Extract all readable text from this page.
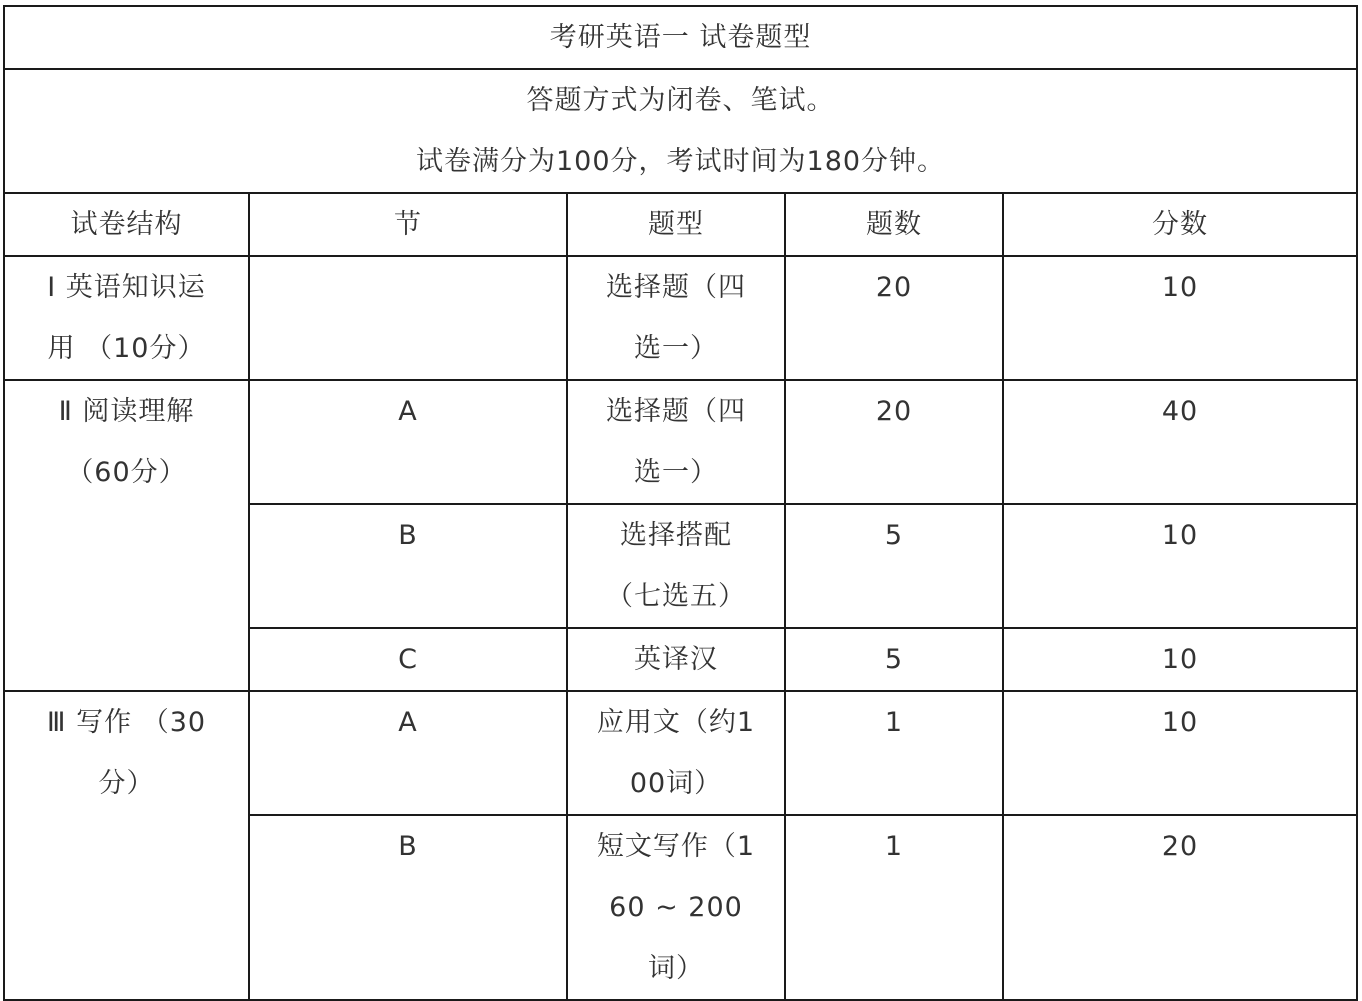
考研英语一 试卷题型				

答题方式为闭卷、笔试。
试卷满分为100分，考试时间为180分钟。				

试卷结构	节	题型	题数	分数

Ⅰ 英语知识运
用 （10分）		选择题（四
选一）	20	10

Ⅱ 阅读理解
（60分）	A	选择题（四
选一）	20	40
	B	选择搭配
（七选五）	5	10
	C	英译汉	5	10

Ⅲ 写作 （30
分）	A	应用文（约1
00词）	1	10
	B	短文写作（1
60 ~ 200
词）	1	20
